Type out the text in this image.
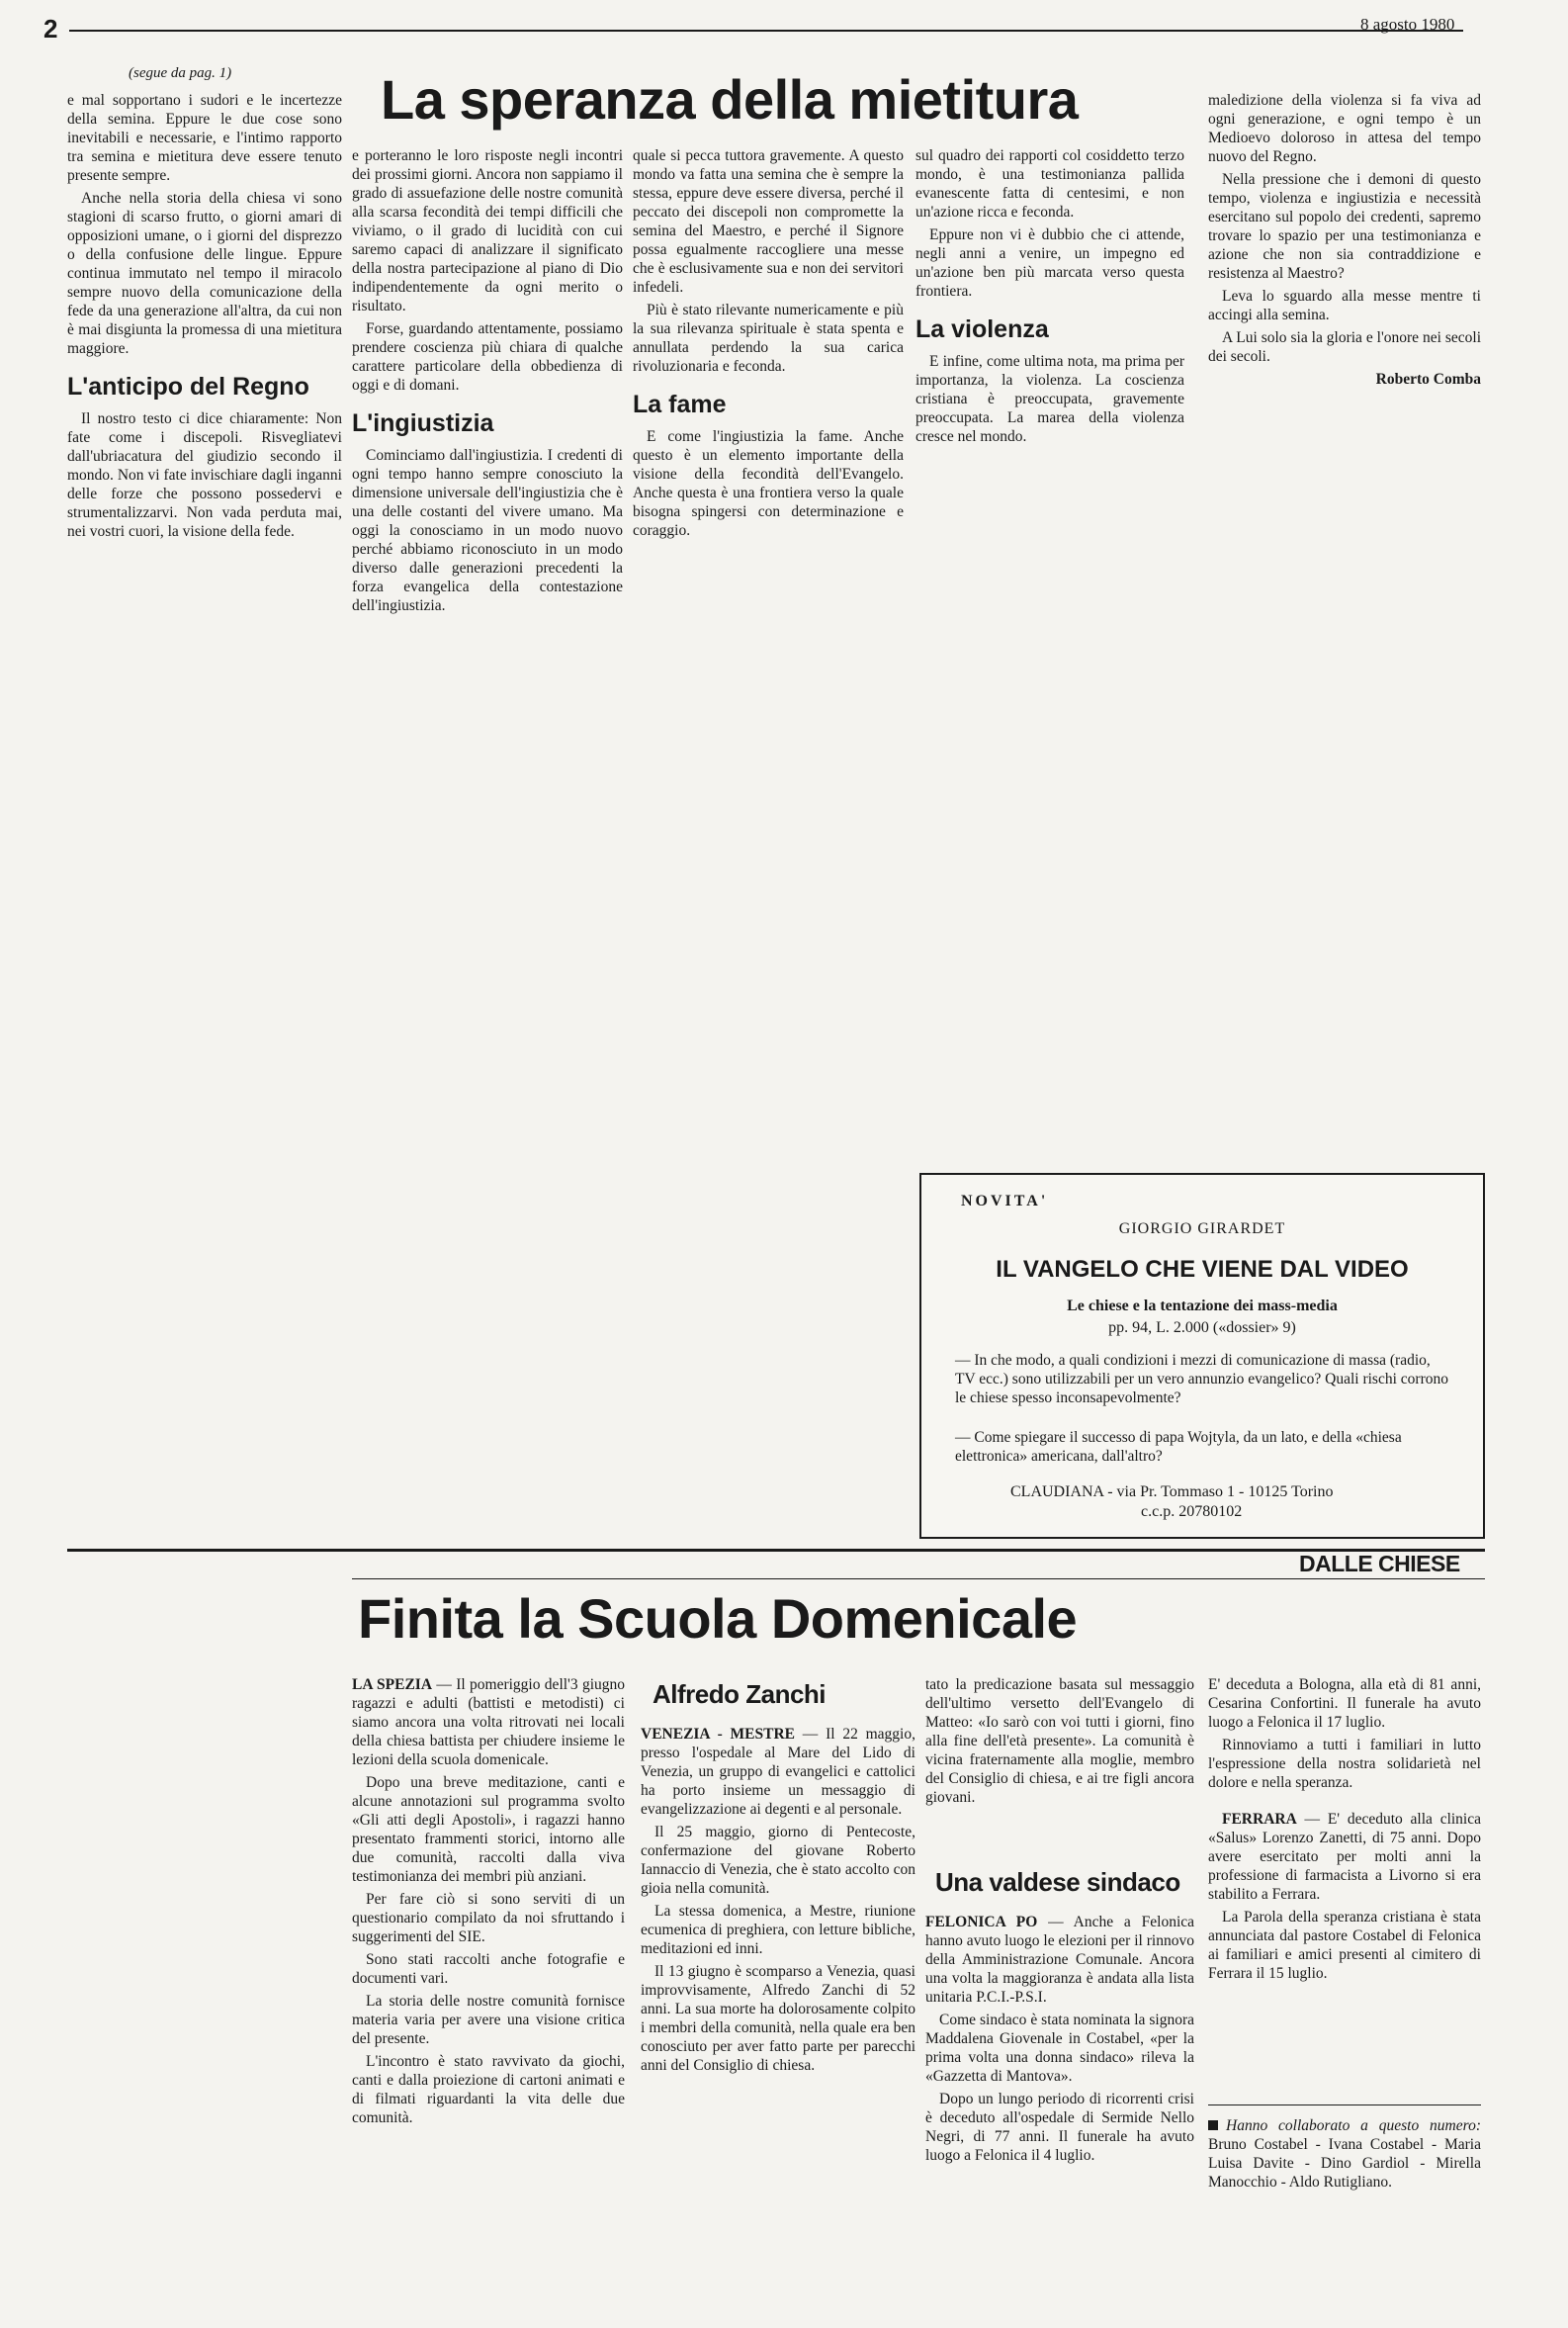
2	8 agosto 1980
(segue da pag. 1)	La speranza della mietitura

e mal sopportano i sudori e le incertezze della semina. Eppure le due cose sono inevitabili e necessarie, e l'intimo rapporto tra semina e mietitura deve essere tenuto presente sempre.

Anche nella storia della chiesa vi sono stagioni di scarso frutto, o giorni amari di opposizioni umane, o i giorni del disprezzo o della confusione delle lingue. Eppure continua immutato nel tempo il miracolo sempre nuovo della comunicazione della fede da una generazione all'altra, da cui non è mai disgiunta la promessa di una mietitura maggiore.

L'anticipo del Regno

Il nostro testo ci dice chiaramente: Non fate come i discepoli. Risvegliatevi dall'ubriacatura del giudizio secondo il mondo. Non vi fate invischiare dagli inganni delle forze che possono possedervi e strumentalizzarvi. Non vada perduta mai, nei vostri cuori, la visione della fede.

e porteranno le loro risposte negli incontri dei prossimi giorni. Ancora non sappiamo il grado di assuefazione delle nostre comunità alla scarsa fecondità dei tempi difficili che viviamo, o il grado di lucidità con cui saremo capaci di analizzare il significato della nostra partecipazione al piano di Dio indipendentemente da ogni merito o risultato.

Forse, guardando attentamente, possiamo prendere coscienza più chiara di qualche carattere particolare della obbedienza di oggi e di domani.

L'ingiustizia

Cominciamo dall'ingiustizia. I credenti di ogni tempo hanno sempre conosciuto la dimensione universale dell'ingiustizia che è una delle costanti del vivere umano. Ma oggi la conosciamo in un modo nuovo perché abbiamo riconosciuto in un modo diverso dalle generazioni precedenti la forza evangelica della contestazione dell'ingiustizia.

quale si pecca tuttora gravemente. A questo mondo va fatta una semina che è sempre la stessa, eppure deve essere diversa, perché il peccato dei discepoli non compromette la semina del Maestro, e perché il Signore possa egualmente raccogliere una messe che è esclusivamente sua e non dei servitori infedeli.

Più è stato rilevante numericamente e più la sua rilevanza spirituale è stata spenta e annullata perdendo la sua carica rivoluzionaria e feconda.

La fame

E come l'ingiustizia la fame. Anche questo è un elemento importante della visione della fecondità dell'Evangelo. Anche questa è una frontiera verso la quale bisogna spingersi con determinazione e coraggio.

sul quadro dei rapporti col cosiddetto terzo mondo, è una testimonianza pallida evanescente fatta di centesimi, e non un'azione ricca e feconda.

Eppure non vi è dubbio che ci attende, negli anni a venire, un impegno ed un'azione ben più marcata verso questa frontiera.

La violenza

E infine, come ultima nota, ma prima per importanza, la violenza. La coscienza cristiana è preoccupata, gravemente preoccupata. La marea della violenza cresce nel mondo.

maledizione della violenza si fa viva ad ogni generazione, e ogni tempo è un Medioevo doloroso in attesa del tempo nuovo del Regno.

Nella pressione che i demoni di questo tempo, violenza e ingiustizia e necessità esercitano sul popolo dei credenti, sapremo trovare lo spazio per una testimonianza e azione che non sia contraddizione e resistenza al Maestro?

Leva lo sguardo alla messe mentre ti accingi alla semina.

A Lui solo sia la gloria e l'onore nei secoli dei secoli.

Roberto Comba
NOVITA'
GIORGIO GIRARDET
IL VANGELO CHE VIENE DAL VIDEO
Le chiese e la tentazione dei mass-media
pp. 94, L. 2.000 («dossier» 9)
— In che modo, a quali condizioni i mezzi di comunicazione di massa (radio, TV ecc.) sono utilizzabili per un vero annunzio evangelico? Quali rischi corrono le chiese spesso inconsapevolmente?
— Come spiegare il successo di papa Wojtyla, da un lato, e della «chiesa elettronica» americana, dall'altro?
CLAUDIANA - via Pr. Tommaso 1 - 10125 Torino
c.c.p. 20780102
DALLE CHIESE
Finita la Scuola Domenicale

LA SPEZIA — Il pomeriggio dell'3 giugno ragazzi e adulti (battisti e metodisti) ci siamo ancora una volta ritrovati nei locali della chiesa battista per chiudere insieme le lezioni della scuola domenicale.

Dopo una breve meditazione, canti e alcune annotazioni sul programma svolto «Gli atti degli Apostoli», i ragazzi hanno presentato frammenti storici, intorno alle due comunità, raccolti dalla viva testimonianza dei membri più anziani.

Per fare ciò si sono serviti di un questionario compilato da noi sfruttando i suggerimenti del SIE.

Sono stati raccolti anche fotografie e documenti vari.

La storia delle nostre comunità fornisce materia varia per avere una visione critica del presente.

L'incontro è stato ravvivato da giochi, canti e dalla proiezione di cartoni animati e di filmati riguardanti la vita delle due comunità.

Alfredo Zanchi

VENEZIA - MESTRE — Il 22 maggio, presso l'ospedale al Mare del Lido di Venezia, un gruppo di evangelici e cattolici ha porto insieme un messaggio di evangelizzazione ai degenti e al personale.

Il 25 maggio, giorno di Pentecoste, confermazione del giovane Roberto Iannaccio di Venezia, che è stato accolto con gioia nella comunità.

La stessa domenica, a Mestre, riunione ecumenica di preghiera, con letture bibliche, meditazioni ed inni.

Il 13 giugno è scomparso a Venezia, quasi improvvisamente, Alfredo Zanchi di 52 anni. La sua morte ha dolorosamente colpito i membri della comunità, nella quale era ben conosciuto per aver fatto parte per parecchi anni del Consiglio di chiesa.

tato la predicazione basata sul messaggio dell'ultimo versetto dell'Evangelo di Matteo: «Io sarò con voi tutti i giorni, fino alla fine dell'età presente». La comunità è vicina fraternamente alla moglie, membro del Consiglio di chiesa, e ai tre figli ancora giovani.

Una valdese sindaco

FELONICA PO — Anche a Felonica hanno avuto luogo le elezioni per il rinnovo della Amministrazione Comunale. Ancora una volta la maggioranza è andata alla lista unitaria P.C.I.-P.S.I.

Come sindaco è stata nominata la signora Maddalena Giovenale in Costabel, «per la prima volta una donna sindaco» rileva la «Gazzetta di Mantova».

Dopo un lungo periodo di ricorrenti crisi è deceduto all'ospedale di Sermide Nello Negri, di 77 anni. Il funerale ha avuto luogo a Felonica il 4 luglio.

E' deceduta a Bologna, alla età di 81 anni, Cesarina Confortini. Il funerale ha avuto luogo a Felonica il 17 luglio.

Rinnoviamo a tutti i familiari in lutto l'espressione della nostra solidarietà nel dolore e nella speranza.

FERRARA — E' deceduto alla clinica «Salus» Lorenzo Zanetti, di 75 anni. Dopo avere esercitato per molti anni la professione di farmacista a Livorno si era stabilito a Ferrara.

La Parola della speranza cristiana è stata annunciata dal pastore Costabel di Felonica ai familiari e amici presenti al cimitero di Ferrara il 15 luglio.

Hanno collaborato a questo numero: Bruno Costabel - Ivana Costabel - Maria Luisa Davite - Dino Gardiol - Mirella Manocchio - Aldo Rutigliano.
